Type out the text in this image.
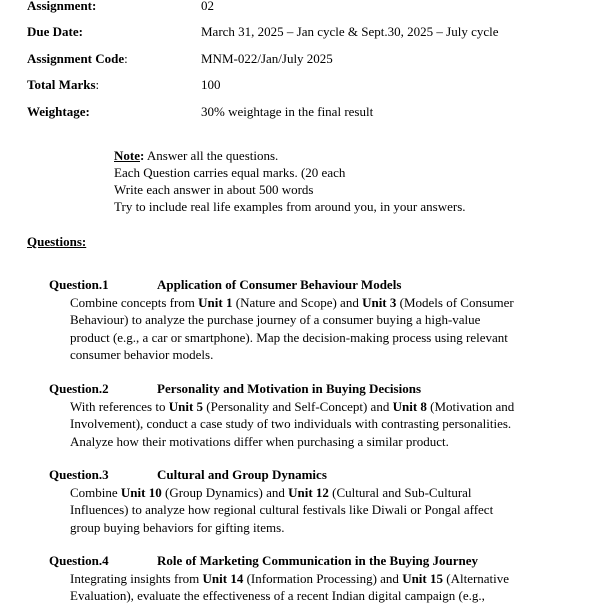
Assignment:	02
Due Date:	March 31, 2025 – Jan cycle & Sept.30, 2025 – July cycle
Assignment Code:	MNM-022/Jan/July 2025
Total Marks:	100
Weightage:	30% weightage in the final result
Note: Answer all the questions.
Each Question carries equal marks. (20 each
Write each answer in about 500 words
Try to include real life examples from around you, in your answers.
Questions:
Question.1	Application of Consumer Behaviour Models
Combine concepts from Unit 1 (Nature and Scope) and Unit 3 (Models of Consumer
Behaviour) to analyze the purchase journey of a consumer buying a high-value
product (e.g., a car or smartphone). Map the decision-making process using relevant
consumer behavior models.
Question.2	Personality and Motivation in Buying Decisions
With references to Unit 5 (Personality and Self-Concept) and Unit 8 (Motivation and
Involvement), conduct a case study of two individuals with contrasting personalities.
Analyze how their motivations differ when purchasing a similar product.
Question.3	Cultural and Group Dynamics
Combine Unit 10 (Group Dynamics) and Unit 12 (Cultural and Sub-Cultural
Influences) to analyze how regional cultural festivals like Diwali or Pongal affect
group buying behaviors for gifting items.
Question.4	Role of Marketing Communication in the Buying Journey
Integrating insights from Unit 14 (Information Processing) and Unit 15 (Alternative
Evaluation), evaluate the effectiveness of a recent Indian digital campaign (e.g.,
